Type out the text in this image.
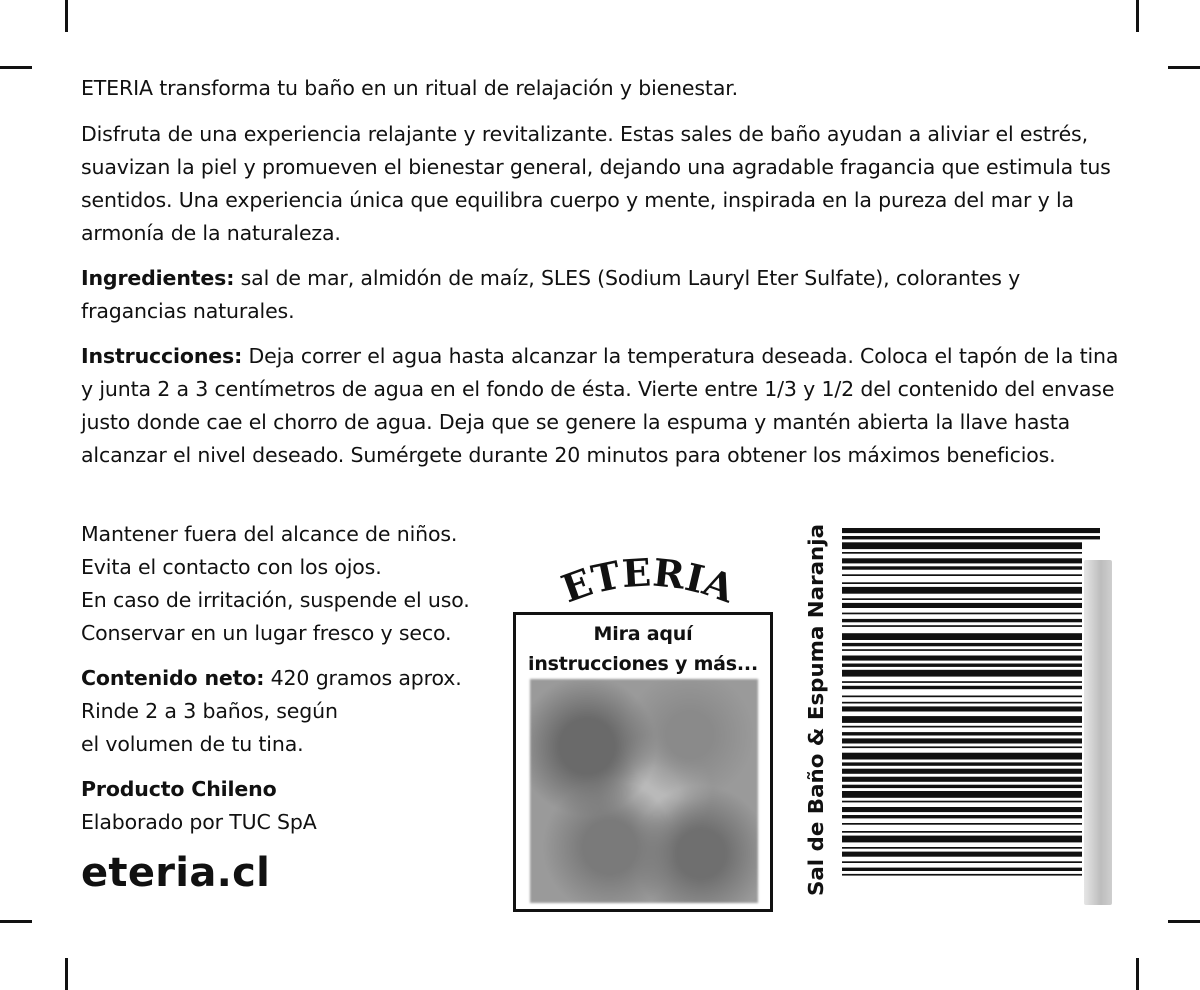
ETERIA transforma tu baño en un ritual de relajación y bienestar.

Disfruta de una experiencia relajante y revitalizante. Estas sales de baño ayudan a aliviar el estrés, suavizan la piel y promueven el bienestar general, dejando una agradable fragancia que estimula tus sentidos. Una experiencia única que equilibra cuerpo y mente, inspirada en la pureza del mar y la armonía de la naturaleza.

Ingredientes: sal de mar, almidón de maíz, SLES (Sodium Lauryl Eter Sulfate), colorantes y fragancias naturales.

Instrucciones: Deja correr el agua hasta alcanzar la temperatura deseada. Coloca el tapón de la tina y junta 2 a 3 centímetros de agua en el fondo de ésta. Vierte entre 1/3 y 1/2 del contenido del envase justo donde cae el chorro de agua. Deja que se genere la espuma y mantén abierta la llave hasta alcanzar el nivel deseado. Sumérgete durante 20 minutos para obtener los máximos beneficios.

Mantener fuera del alcance de niños.
Evita el contacto con los ojos.
En caso de irritación, suspende el uso.
Conservar en un lugar fresco y seco.
Contenido neto: 420 gramos aprox.
Rinde 2 a 3 baños, según
el volumen de tu tina.
Producto Chileno
Elaborado por TUC SpA
eteria.cl
ETERIA
Mira aquí
instrucciones y más...	Sal de Baño & Espuma Naranja
